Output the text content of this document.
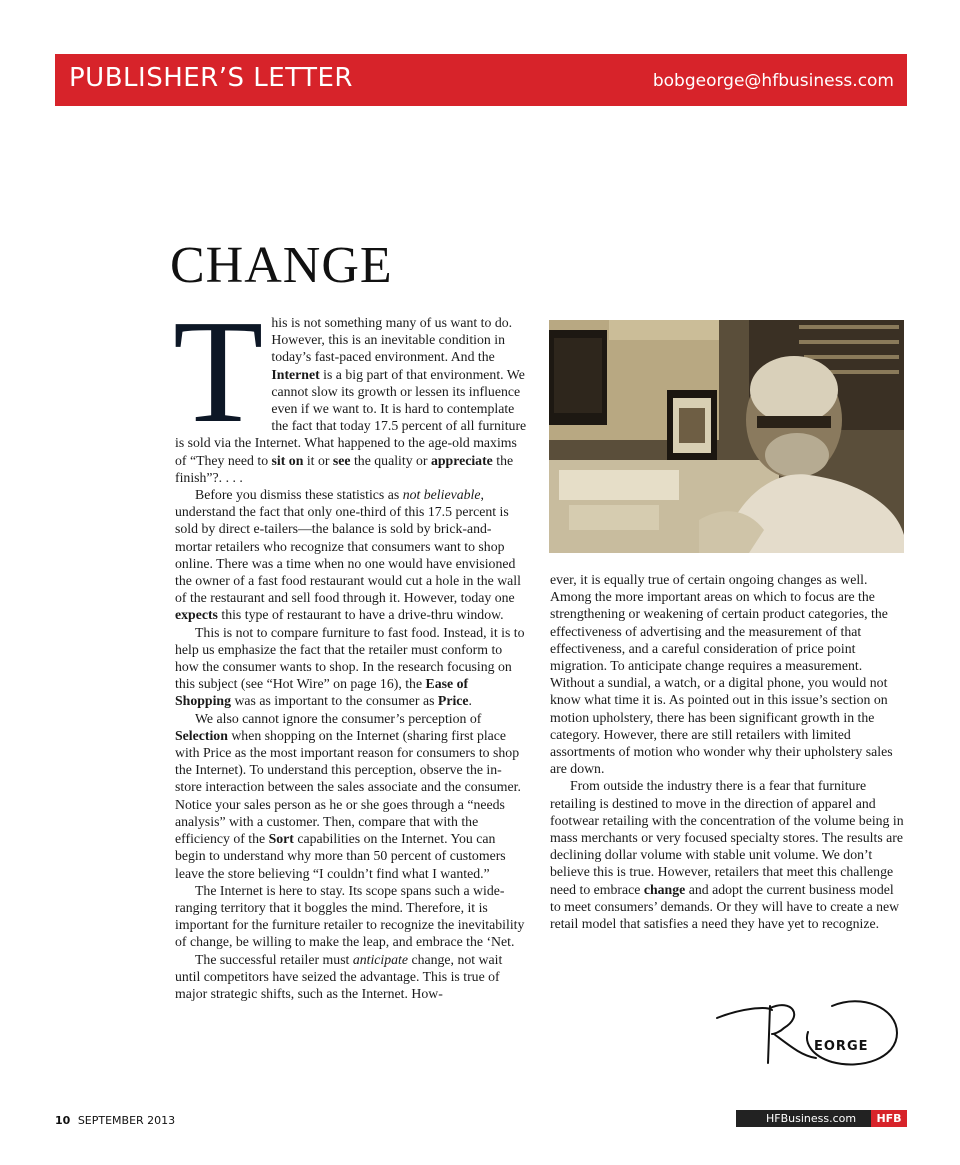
PUBLISHER’S LETTER	bobgeorge@hfbusiness.com
CHANGE

This is not something many of us want to do. However, this is an inevitable condition in today’s fast-paced environment. And the Internet is a big part of that environment. We cannot slow its growth or lessen its influence even if we want to. It is hard to contemplate the fact that today 17.5 percent of all furniture is sold via the Internet. What happened to the age-old maxims of “They need to sit on it or see the quality or appreciate the finish”?. . . .

Before you dismiss these statistics as not believable, understand the fact that only one-third of this 17.5 percent is sold by direct e-tailers—the balance is sold by brick-and-mortar retailers who recognize that consumers want to shop online. There was a time when no one would have envisioned the owner of a fast food restaurant would cut a hole in the wall of the restaurant and sell food through it. However, today one expects this type of restaurant to have a drive-thru window.

This is not to compare furniture to fast food. Instead, it is to help us emphasize the fact that the retailer must conform to how the consumer wants to shop. In the research focusing on this subject (see “Hot Wire” on page 16), the Ease of Shopping was as important to the consumer as Price.

We also cannot ignore the consumer’s perception of Selection when shopping on the Internet (sharing first place with Price as the most important reason for consumers to shop the Internet). To understand this perception, observe the in-store interaction between the sales associate and the consumer. Notice your sales person as he or she goes through a “needs analysis” with a customer. Then, compare that with the efficiency of the Sort capabilities on the Internet. You can begin to understand why more than 50 percent of customers leave the store believing “I couldn’t find what I wanted.”

The Internet is here to stay. Its scope spans such a wide-ranging territory that it boggles the mind. Therefore, it is important for the furniture retailer to recognize the inevitability of change, be willing to make the leap, and embrace the ‘Net.

The successful retailer must anticipate change, not wait until competitors have seized the advantage. This is true of major strategic shifts, such as the Internet. How-

ever, it is equally true of certain ongoing changes as well. Among the more important areas on which to focus are the strengthening or weakening of certain product categories, the effectiveness of advertising and the measurement of that effectiveness, and a careful consideration of price point migration. To anticipate change requires a measurement. Without a sundial, a watch, or a digital phone, you would not know what time it is. As pointed out in this issue’s section on motion upholstery, there has been significant growth in the category. However, there are still retailers with limited assortments of motion who wonder why their upholstery sales are down.

From outside the industry there is a fear that furniture retailing is destined to move in the direction of apparel and footwear retailing with the concentration of the volume being in mass merchants or very focused specialty stores. The results are declining dollar volume with stable unit volume. We don’t believe this is true. However, retailers that meet this challenge need to embrace change and adopt the current business model to meet consumers’ demands. Or they will have to create a new retail model that satisfies a need they have yet to recognize.

EORGE
10 SEPTEMBER 2013	HFBusiness.com	HFB
